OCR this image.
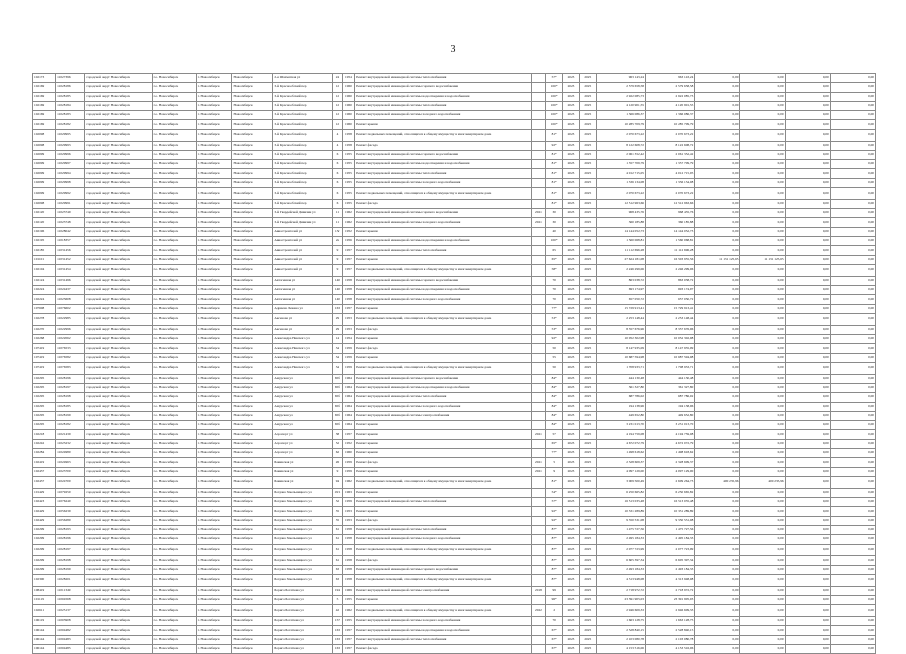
3
102173	11027396	городской округ Новосибирск	г.о. Новосибирск	г. Новосибирск	Новосибирск	2-я Шахматная ул	24	1954	Ремонт внутридомовой инженерной системы теплоснабжения		57*	2023	2025	963 143,24	963 143,24	0,00	0,00	0,00	0,00
102169	11028186	городской округ Новосибирск	г.о. Новосибирск	г. Новосибирск	Новосибирск	3-й Краснообский пер	12	1960	Ремонт внутридомовой инженерной системы горячего водоснабжения		100*	2023	2025	2 579 658,58	2 579 658,58	0,00	0,00	0,00	0,00
102169	11028185	городской округ Новосибирск	г.о. Новосибирск	г. Новосибирск	Новосибирск	3-й Краснообский пер	12	1960	Ремонт внутридомовой инженерной системы водоотведения и водоснабжения		100*	2023	2025	2 922 085,73	2 922 085,73	0,00	0,00	0,00	0,00
102169	11028184	городской округ Новосибирск	г.о. Новосибирск	г. Новосибирск	Новосибирск	3-й Краснообский пер	12	1960	Ремонт внутридомовой инженерной системы теплоснабжения		100*	2023	2025	4 120 901,55	4 120 901,55	0,00	0,00	0,00	0,00
102169	11028183	городской округ Новосибирск	г.о. Новосибирск	г. Новосибирск	Новосибирск	3-й Краснообский пер	12	1960	Ремонт внутридомовой инженерной системы холодного водоснабжения		100*	2023	2025	1 366 086,37	1 366 086,37	0,00	0,00	0,00	0,00
102169	11028182	городской округ Новосибирск	г.о. Новосибирск	г. Новосибирск	Новосибирск	3-й Краснообский пер	12	1960	Ремонт крыши		100*	2023	2025	10 285 709,79	10 285 709,79	0,00	0,00	0,00	0,00
102098	11029995	городской округ Новосибирск	г.о. Новосибирск	г. Новосибирск	Новосибирск	3-й Краснообский пер	4	1958	Ремонт подвальных помещений, относящихся к общему имуществу в многоквартирном доме		81*	2023	2025	2 070 673,22	2 070 673,22	0,00	0,00	0,00	0,00
102098	11029993	городской округ Новосибирск	г.о. Новосибирск	г. Новосибирск	Новосибирск	3-й Краснообский пер	4	1958	Ремонт фасада		92*	2023	2025	8 122 608,72	8 122 608,72	0,00	0,00	0,00	0,00
102099	11029996	городской округ Новосибирск	г.о. Новосибирск	г. Новосибирск	Новосибирск	3-й Краснообский пер	6	1955	Ремонт внутридомовой инженерной системы горячего водоснабжения		81*	2023	2025	2 061 352,42	2 061 352,42	0,00	0,00	0,00	0,00
102099	11029997	городской округ Новосибирск	г.о. Новосибирск	г. Новосибирск	Новосибирск	3-й Краснообский пер	6	1955	Ремонт внутридомовой инженерной системы водоотведения и водоснабжения		81*	2023	2025	1 357 709,79	1 357 709,79	0,00	0,00	0,00	0,00
102099	11029994	городской округ Новосибирск	г.о. Новосибирск	г. Новосибирск	Новосибирск	3-й Краснообский пер	6	1955	Ремонт внутридомовой инженерной системы теплоснабжения		81*	2023	2025	4 012 715,05	4 012 715,05	0,00	0,00	0,00	0,00
102099	11029998	городской округ Новосибирск	г.о. Новосибирск	г. Новосибирск	Новосибирск	3-й Краснообский пер	6	1955	Ремонт внутридомовой инженерной системы холодного водоснабжения		81*	2023	2025	1 336 134,08	1 336 134,08	0,00	0,00	0,00	0,00
102099	11029992	городской округ Новосибирск	г.о. Новосибирск	г. Новосибирск	Новосибирск	3-й Краснообский пер	6	1955	Ремонт подвальных помещений, относящихся к общему имуществу в многоквартирном доме		81*	2023	2025	2 070 673,22	2 070 673,22	0,00	0,00	0,00	0,00
102098	11029991	городской округ Новосибирск	г.о. Новосибирск	г. Новосибирск	Новосибирск	3-й Краснообский пер	6	1955	Ремонт фасада		81*	2023	2025	12 512 963,66	12 512 963,66	0,00	0,00	0,00	0,00
102120	11023749	городской округ Новосибирск	г.о. Новосибирск	г. Новосибирск	Новосибирск	3-й Гвардейской Дивизии ул	11	1962	Ремонт внутридомовой инженерной системы горячего водоснабжения	2021	30	2023	2025	968 435,76	968 435,76	0,00	0,00	0,00	0,00
102120	11023748	городской округ Новосибирск	г.о. Новосибирск	г. Новосибирск	Новосибирск	3-й Гвардейской Дивизии ул	11	1962	Ремонт внутридомовой инженерной системы холодного водоснабжения	2021	30	2023	2025	360 185,88	360 185,88	0,00	0,00	0,00	0,00
102196	11028042	городской округ Новосибирск	г.о. Новосибирск	г. Новосибирск	Новосибирск	Авиастроителей ул	13г	1952	Ремонт крыши		40	2023	2025	14 144 052,73	14 144 052,73	0,00	0,00	0,00	0,00
102195	11018357	городской округ Новосибирск	г.о. Новосибирск	г. Новосибирск	Новосибирск	Авиастроителей ул	2а	1956	Ремонт внутридомовой инженерной системы водоотведения и водоснабжения		100*	2023	2025	1 560 068,81	1 560 068,81	0,00	0,00	0,00	0,00
102185	11031456	городской округ Новосибирск	г.о. Новосибирск	г. Новосибирск	Новосибирск	Авиастроителей ул	9	1957	Ремонт внутридомовой инженерной системы теплоснабжения		65	2023	2025	11 112 696,28	11 112 696,28	0,00	0,00	0,00	0,00
101101	11031452	городской округ Новосибирск	г.о. Новосибирск	г. Новосибирск	Новосибирск	Авиастроителей ул	9	1957	Ремонт крыши		65*	2023	2025	27 624 181,08	16 503 955,56	11 131 125,65	11 131 125,65	0,00	0,00
102104	11031454	городской округ Новосибирск	г.о. Новосибирск	г. Новосибирск	Новосибирск	Авиастроителей ул	9	1957	Ремонт подвальных помещений, относящихся к общему имуществу в многоквартирном доме		58*	2023	2025	2 246 299,06	2 246 299,06	0,00	0,00	0,00	0,00
102124	11031496	городской округ Новосибирск	г.о. Новосибирск	г. Новосибирск	Новосибирск	Автогенная ул	140	1958	Ремонт внутридомовой инженерной системы горячего водоснабжения		70	2023	2025	863 038,72	863 038,72	0,00	0,00	0,00	0,00
102224	11024437	городской округ Новосибирск	г.о. Новосибирск	г. Новосибирск	Новосибирск	Автогенная ул	140	1958	Ремонт внутридомовой инженерной системы водоотведения и водоснабжения		70	2023	2025	693 174,97	693 174,97	0,00	0,00	0,00	0,00
102224	11023608	городской округ Новосибирск	г.о. Новосибирск	г. Новосибирск	Новосибирск	Автогенная ул	140	1958	Ремонт внутридомовой инженерной системы холодного водоснабжения		70	2023	2025	657 050,72	657 050,72	0,00	0,00	0,00	0,00
107608	11076602	городской округ Новосибирск	г.о. Новосибирск	г. Новосибирск	Новосибирск	Адриена Лежена ул	163	1957	Ремонт крыши		77*	2023	2025	15 729 913,41	15 729 913,41	0,00	0,00	0,00	0,00
102278	11022985	городской округ Новосибирск	г.о. Новосибирск	г. Новосибирск	Новосибирск	Аксенова ул	29	1953	Ремонт подвальных помещений, относящихся к общему имуществу в многоквартирном доме		53*	2023	2025	2 253 148,44	2 253 148,44	0,00	0,00	0,00	0,00
102270	11022996	городской округ Новосибирск	г.о. Новосибирск	г. Новосибирск	Новосибирск	Аксенова ул	29	1953	Ремонт фасада		53*	2023	2025	8 357 676,96	8 357 676,96	0,00	0,00	0,00	0,00
102268	11022062	городской округ Новосибирск	г.о. Новосибирск	г. Новосибирск	Новосибирск	Александра Невского ул	14	1954	Ремонт крыши		92*	2023	2025	10 052 302,98	10 052 302,98	0,00	0,00	0,00	0,00
107419	11076533	городской округ Новосибирск	г.о. Новосибирск	г. Новосибирск	Новосибирск	Александра Невского ул	34	1959	Ремонт фасада		50	2023	2025	8 147 935,09	8 147 935,09	0,00	0,00	0,00	0,00
107419	11076582	городской округ Новосибирск	г.о. Новосибирск	г. Новосибирск	Новосибирск	Александра Невского ул	34	1959	Ремонт крыши		55	2023	2025	10 687 594,98	10 687 594,98	0,00	0,00	0,00	0,00
107419	11076583	городской округ Новосибирск	г.о. Новосибирск	г. Новосибирск	Новосибирск	Александра Невского ул	34	1959	Ремонт подвальных помещений, относящихся к общему имуществу в многоквартирном доме		50	2023	2025	1 708 933,71	1 708 933,71	0,00	0,00	0,00	0,00
102295	11028196	городской округ Новосибирск	г.о. Новосибирск	г. Новосибирск	Новосибирск	Амурская ул	65б	1964	Ремонт внутридомовой инженерной системы горячего водоснабжения		84*	2023	2025	444 130,48	444 130,48	0,00	0,00	0,00	0,00
102295	11028197	городской округ Новосибирск	г.о. Новосибирск	г. Новосибирск	Новосибирск	Амурская ул	65б	1964	Ремонт внутридомовой инженерной системы водоотведения и водоснабжения		84*	2023	2025	361 327,80	361 327,80	0,00	0,00	0,00	0,00
102295	11028198	городской округ Новосибирск	г.о. Новосибирск	г. Новосибирск	Новосибирск	Амурская ул	65б	1964	Ремонт внутридомовой инженерной системы теплоснабжения		84*	2023	2025	687 786,02	687 786,02	0,00	0,00	0,00	0,00
102295	11028185	городской округ Новосибирск	г.о. Новосибирск	г. Новосибирск	Новосибирск	Амурская ул	65б	1964	Ремонт внутридомовой инженерной системы холодного водоснабжения		84*	2023	2025	194 138,96	194 138,96	0,00	0,00	0,00	0,00
102295	11028199	городской округ Новосибирск	г.о. Новосибирск	г. Новосибирск	Новосибирск	Амурская ул	65б	1964	Ремонт внутридомовой инженерной системы электроснабжения		84*	2023	2025	449 652,80	449 652,80	0,00	0,00	0,00	0,00
102295	11028182	городской округ Новосибирск	г.о. Новосибирск	г. Новосибирск	Новосибирск	Амурская ул	65б	1964	Ремонт крыши		84*	2023	2025	3 231 013,70	3 231 013,70	0,00	0,00	0,00	0,00
102218	11021439	городской округ Новосибирск	г.о. Новосибирск	г. Новосибирск	Новосибирск	Аэропорт ул	38	1957	Ремонт крыши	2021	57	2023	2025	4 194 759,08	4 194 759,08	0,00	0,00	0,00	0,00
102242	11023232	городской округ Новосибирск	г.о. Новосибирск	г. Новосибирск	Новосибирск	Аэропорт ул	52	1952	Ремонт крыши		65*	2023	2025	4 672 072,79	4 672 072,79	0,00	0,00	0,00	0,00
102284	11024980	городской округ Новосибирск	г.о. Новосибирск	г. Новосибирск	Новосибирск	Аэропорт ул	62	1960	Ремонт крыши		77*	2023	2025	1 498 618,62	1 498 618,62	0,00	0,00	0,00	0,00
102419	11024963	городской округ Новосибирск	г.о. Новосибирск	г. Новосибирск	Новосибирск	Бакинская ул	26	1959	Ремонт фасада	2021	5	2023	2025	2 328 609,37	2 328 609,37	0,00	0,00	0,00	0,00
102437	11023700	городской округ Новосибирск	г.о. Новосибирск	г. Новосибирск	Новосибирск	Бакинская ул	9	1959	Ремонт крыши	2021	9	2023	2025	4 097 129,00	4 097 129,00	0,00	0,00	0,00	0,00
102437	11024700	городской округ Новосибирск	г.о. Новосибирск	г. Новосибирск	Новосибирск	Бакинская ул	94	1962	Ремонт подвальных помещений, относящихся к общему имуществу в многоквартирном доме		81*	2023	2025	3 009 500,49	2 609 264,73	400 235,96	400 235,96	0,00	0,00
101429	11079250	городской округ Новосибирск	г.о. Новосибирск	г. Новосибирск	Новосибирск	Богдана Хмельницкого ул	19/1	1963	Ремонт крыши		54*	2023	2025	6 250 665,82	6 250 665,82	0,00	0,00	0,00	0,00
102423	11076240	городской округ Новосибирск	г.о. Новосибирск	г. Новосибирск	Новосибирск	Богдана Хмельницкого ул	32	1959	Ремонт внутридомовой инженерной системы теплоснабжения		57*	2023	2025	16 513 035,48	16 513 035,48	0,00	0,00	0,00	0,00
102429	11056239	городской округ Новосибирск	г.о. Новосибирск	г. Новосибирск	Новосибирск	Богдана Хмельницкого ул	35	1953	Ремонт крыши		92*	2023	2025	10 331 289,89	10 331 289,89	0,00	0,00	0,00	0,00
102429	11056280	городской округ Новосибирск	г.о. Новосибирск	г. Новосибирск	Новосибирск	Богдана Хмельницкого ул	35	1953	Ремонт фасада		92*	2023	2025	9 350 531,08	9 350 531,08	0,00	0,00	0,00	0,00
102299	11028193	городской округ Новосибирск	г.о. Новосибирск	г. Новосибирск	Новосибирск	Богдана Хмельницкого ул	61	1958	Ремонт внутридомовой инженерной системы теплоснабжения		87*	2023	2025	1 475 727,56	1 475 727,56	0,00	0,00	0,00	0,00
102299	11028196	городской округ Новосибирск	г.о. Новосибирск	г. Новосибирск	Новосибирск	Богдана Хмельницкого ул	61	1958	Ремонт внутридомовой инженерной системы холодного водоснабжения		87*	2023	2025	2 495 184,33	2 495 184,33	0,00	0,00	0,00	0,00
102299	11028197	городской округ Новосибирск	г.о. Новосибирск	г. Новосибирск	Новосибирск	Богдана Хмельницкого ул	61	1958	Ремонт подвальных помещений, относящихся к общему имуществу в многоквартирном доме		87*	2023	2025	2 077 723,99	2 077 723,99	0,00	0,00	0,00	0,00
102299	11028198	городской округ Новосибирск	г.о. Новосибирск	г. Новосибирск	Новосибирск	Богдана Хмельницкого ул	61	1958	Ремонт фасада		87*	2023	2025	6 605 397,34	6 605 397,34	0,00	0,00	0,00	0,00
102299	11028199	городской округ Новосибирск	г.о. Новосибирск	г. Новосибирск	Новосибирск	Богдана Хмельницкого ул	63	1958	Ремонт внутридомовой инженерной системы горячего водоснабжения		87*	2023	2025	2 493 184,33	2 493 184,33	0,00	0,00	0,00	0,00
102300	11028201	городской округ Новосибирск	г.о. Новосибирск	г. Новосибирск	Новосибирск	Богдана Хмельницкого ул	63	1958	Ремонт подвальных помещений, относящихся к общему имуществу в многоквартирном доме		87*	2023	2025	4 313 948,08	4 313 948,08	0,00	0,00	0,00	0,00
108419	11011349	городской округ Новосибирск	г.о. Новосибирск	г. Новосибирск	Новосибирск	Бориса Богаткова ул	194	1969	Ремонт внутридомовой инженерной системы электроснабжения	2018	99	2023	2025	2 718 972,72	2 718 972,72	0,00	0,00	0,00	0,00
101119	11004568	городской округ Новосибирск	г.о. Новосибирск	г. Новосибирск	Новосибирск	Бориса Богаткова ул	5	1955	Ремонт крыши		96*	2023	2025	23 391 905,03	23 391 905,03	0,00	0,00	0,00	0,00
102611	11025137	городской округ Новосибирск	г.о. Новосибирск	г. Новосибирск	Новосибирск	Бориса Богаткова ул	42	1962	Ремонт подвальных помещений, относящихся к общему имуществу в многоквартирном доме	2022	2	2023	2025	2 946 609,33	2 946 609,33	0,00	0,00	0,00	0,00
106119	11003908	городской округ Новосибирск	г.о. Новосибирск	г. Новосибирск	Новосибирск	Бориса Богаткова ул	157	1955	Ремонт внутридомовой инженерной системы холодного водоснабжения		70	2023	2025	1 663 128,75	1 663 128,75	0,00	0,00	0,00	0,00
106144	11004482	городской округ Новосибирск	г.о. Новосибирск	г. Новосибирск	Новосибирск	Бориса Богаткова ул	163	1957	Ремонт внутридомовой инженерной системы водоотведения и водоснабжения		67*	2023	2025	2 528 840,15	2 528 840,15	0,00	0,00	0,00	0,00
106144	11004483	городской округ Новосибирск	г.о. Новосибирск	г. Новосибирск	Новосибирск	Бориса Богаткова ул	163	1957	Ремонт внутридомовой инженерной системы теплоснабжения		67*	2023	2025	2 103 080,78	2 103 080,78	0,00	0,00	0,00	0,00
106144	11004485	городской округ Новосибирск	г.о. Новосибирск	г. Новосибирск	Новосибирск	Бориса Богаткова ул	163	1957	Ремонт фасада		67*	2023	2025	4 153 516,06	4 153 516,06	0,00	0,00	0,00	0,00
